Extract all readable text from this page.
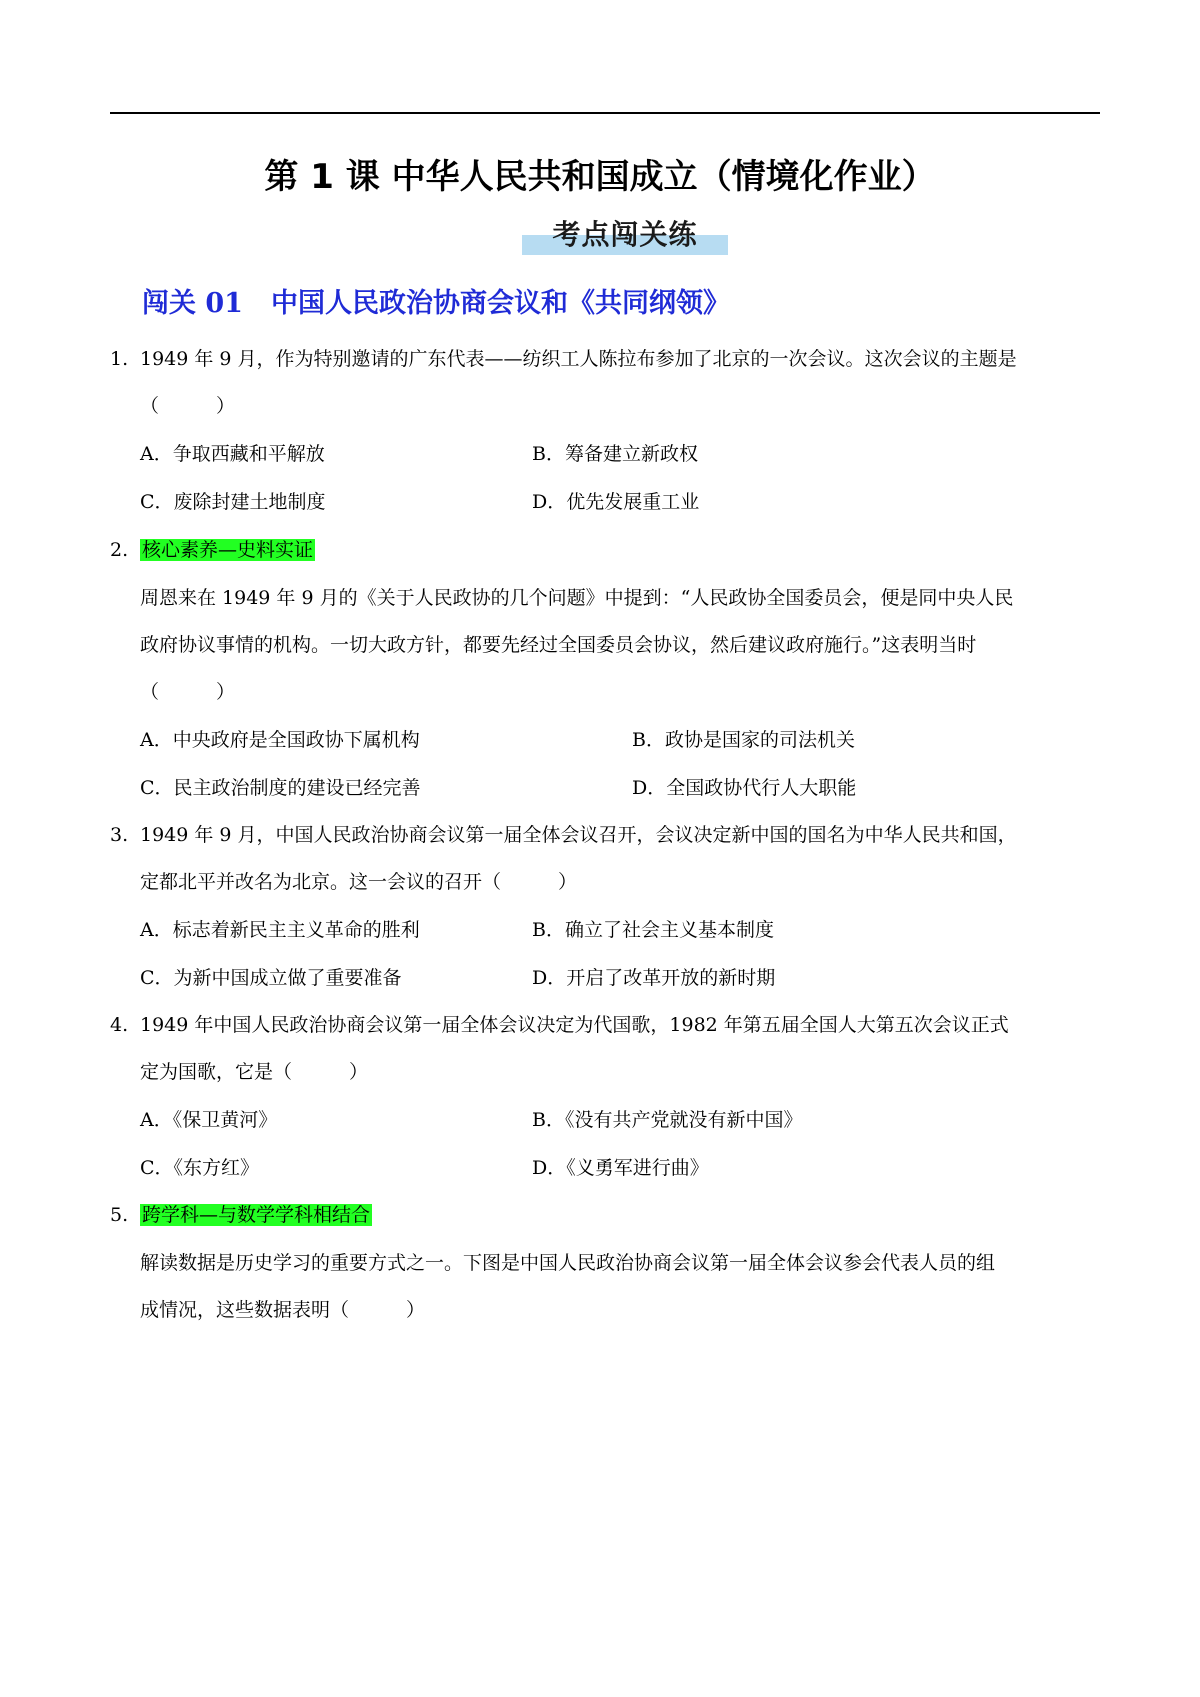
第 1 课 中华人民共和国成立（情境化作业）
考点闯关练
闯关 01 中国人民政治协商会议和《共同纲领》
1. 1949 年 9 月，作为特别邀请的广东代表——纺织工人陈拉布参加了北京的一次会议。这次会议的主题是
（　　　）
A．争取西藏和平解放	B．筹备建立新政权
C．废除封建土地制度	D．优先发展重工业
2. 核心素养—史料实证
周恩来在 1949 年 9 月的《关于人民政协的几个问题》中提到：“人民政协全国委员会，便是同中央人民
政府协议事情的机构。一切大政方针，都要先经过全国委员会协议，然后建议政府施行。”这表明当时
（　　　）
A．中央政府是全国政协下属机构	B．政协是国家的司法机关
C．民主政治制度的建设已经完善	D．全国政协代行人大职能
3. 1949 年 9 月，中国人民政治协商会议第一届全体会议召开，会议决定新中国的国名为中华人民共和国，
定都北平并改名为北京。这一会议的召开（　　　）
A．标志着新民主主义革命的胜利	B．确立了社会主义基本制度
C．为新中国成立做了重要准备	D．开启了改革开放的新时期
4. 1949 年中国人民政治协商会议第一届全体会议决定为代国歌，1982 年第五届全国人大第五次会议正式
定为国歌，它是（　　　）
A．《保卫黄河》	B．《没有共产党就没有新中国》
C．《东方红》	D．《义勇军进行曲》
5. 跨学科—与数学学科相结合
解读数据是历史学习的重要方式之一。下图是中国人民政治协商会议第一届全体会议参会代表人员的组
成情况，这些数据表明（　　　）
